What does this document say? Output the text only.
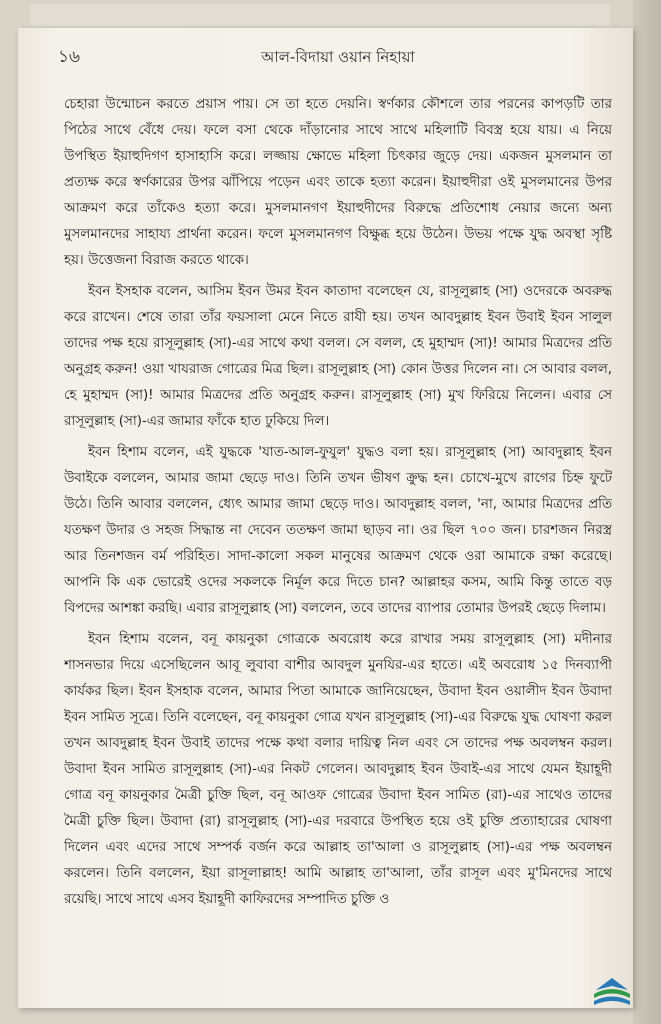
১৬	আল-বিদায়া ওয়ান নিহায়া

চেহারা উন্মোচন করতে প্রয়াস পায়। সে তা হতে দেয়নি। স্বর্ণকার কৌশলে তার পরনের কাপড়টি তার পিঠের সাথে বেঁধে দেয়। ফলে বসা থেকে দাঁড়ানোর সাথে সাথে মহিলাটি বিবস্ত্র হয়ে যায়। এ নিয়ে উপস্থিত ইয়াহুদিগণ হাসাহাসি করে। লজ্জায় ক্ষোভে মহিলা চিৎকার জুড়ে দেয়। একজন মুসলমান তা প্রত্যক্ষ করে স্বর্ণকারের উপর ঝাঁপিয়ে পড়েন এবং তাকে হত্যা করেন। ইয়াহুদীরা ওই মুসলমানের উপর আক্রমণ করে তাঁকেও হত্যা করে। মুসলমানগণ ইয়াহুদীদের বিরুদ্ধে প্রতিশোধ নেয়ার জন্যে অন্য মুসলমানদের সাহায্য প্রার্থনা করেন। ফলে মুসলমানগণ বিক্ষুব্ধ হয়ে উঠেন। উভয় পক্ষে যুদ্ধ অবস্থা সৃষ্টি হয়। উত্তেজনা বিরাজ করতে থাকে।

ইবন ইসহাক বলেন, আসিম ইবন উমর ইবন কাতাদা বলেছেন যে, রাসূলুল্লাহ (সা) ওদেরকে অবরুদ্ধ করে রাখেন। শেষে তারা তাঁর ফয়সালা মেনে নিতে রাযী হয়। তখন আবদুল্লাহ ইবন উবাই ইবন সালুল তাদের পক্ষ হয়ে রাসূলুল্লাহ (সা)-এর সাথে কথা বলল। সে বলল, হে মুহাম্মদ (সা)! আমার মিত্রদের প্রতি অনুগ্রহ করুন! ওয়া খাযরাজ গোত্রের মিত্র ছিল। রাসূলুল্লাহ (সা) কোন উত্তর দিলেন না। সে আবার বলল, হে মুহাম্মদ (সা)! আমার মিত্রদের প্রতি অনুগ্রহ করুন। রাসূলুল্লাহ (সা) মুখ ফিরিয়ে নিলেন। এবার সে রাসূলুল্লাহ (সা)-এর জামার ফাঁকে হাত ঢুকিয়ে দিল।

ইবন হিশাম বলেন, এই যুদ্ধকে 'যাত-আল-ফুযুল' যুদ্ধও বলা হয়। রাসূলুল্লাহ (সা) আবদুল্লাহ ইবন উবাইকে বললেন, আমার জামা ছেড়ে দাও। তিনি তখন ভীষণ ক্রুদ্ধ হন। চোখে-মুখে রাগের চিহ্ন ফুটে উঠে। তিনি আবার বললেন, ধ্যেৎ আমার জামা ছেড়ে দাও। আবদুল্লাহ বলল, 'না, আমার মিত্রদের প্রতি যতক্ষণ উদার ও সহজ সিদ্ধান্ত না দেবেন ততক্ষণ জামা ছাড়ব না। ওর ছিল ৭০০ জন। চারশজন নিরস্ত্র আর তিনশজন বর্ম পরিহিত। সাদা-কালো সকল মানুষের আক্রমণ থেকে ওরা আমাকে রক্ষা করেছে। আপনি কি এক ভোরেই ওদের সকলকে নির্মূল করে দিতে চান? আল্লাহর কসম, আমি কিন্তু তাতে বড় বিপদের আশঙ্কা করছি। এবার রাসূলুল্লাহ (সা) বললেন, তবে তাদের ব্যাপার তোমার উপরই ছেড়ে দিলাম।

ইবন হিশাম বলেন, বনূ কায়নুকা গোত্রকে অবরোধ করে রাখার সময় রাসূলুল্লাহ (সা) মদীনার শাসনভার দিয়ে এসেছিলেন আবূ লুবাবা বাশীর আবদুল মুনযির-এর হাতে। এই অবরোধ ১৫ দিনব্যাপী কার্যকর ছিল। ইবন ইসহাক বলেন, আমার পিতা আমাকে জানিয়েছেন, উবাদা ইবন ওয়ালীদ ইবন উবাদা ইবন সামিত সূত্রে। তিনি বলেছেন, বনূ কায়নুকা গোত্র যখন রাসূলুল্লাহ (সা)-এর বিরুদ্ধে যুদ্ধ ঘোষণা করল তখন আবদুল্লাহ ইবন উবাই তাদের পক্ষে কথা বলার দায়িত্ব নিল এবং সে তাদের পক্ষ অবলম্বন করল। উবাদা ইবন সামিত রাসূলুল্লাহ (সা)-এর নিকট গেলেন। আবদুল্লাহ ইবন উবাই-এর সাথে যেমন ইয়াহূদী গোত্র বনূ কায়নুকার মৈত্রী চুক্তি ছিল, বনূ আওফ গোত্রের উবাদা ইবন সামিত (রা)-এর সাথেও তাদের মৈত্রী চুক্তি ছিল। উবাদা (রা) রাসূলুল্লাহ (সা)-এর দরবারে উপস্থিত হয়ে ওই চুক্তি প্রত্যাহারের ঘোষণা দিলেন এবং এদের সাথে সম্পর্ক বর্জন করে আল্লাহ তা'আলা ও রাসূলুল্লাহ (সা)-এর পক্ষ অবলম্বন করলেন। তিনি বললেন, ইয়া রাসূলাল্লাহ! আমি আল্লাহ তা'আলা, তাঁর রাসূল এবং মু'মিনদের সাথে রয়েছি। সাথে সাথে এসব ইয়াহূদী কাফিরদের সম্পাদিত চুক্তি ও
